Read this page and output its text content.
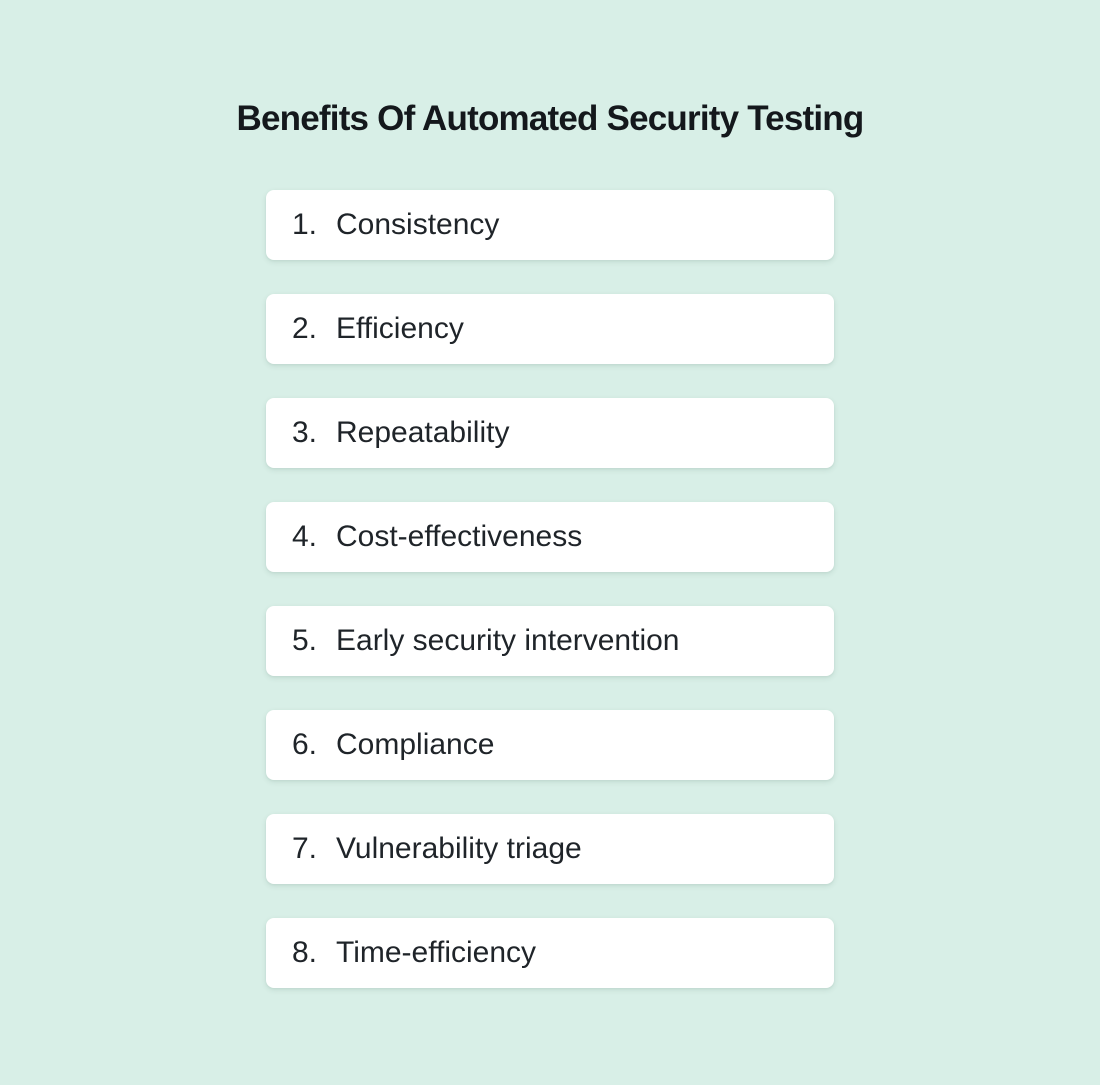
Benefits Of Automated Security Testing
1. Consistency
2. Efficiency
3. Repeatability
4. Cost-effectiveness
5. Early security intervention
6. Compliance
7. Vulnerability triage
8. Time-efficiency
